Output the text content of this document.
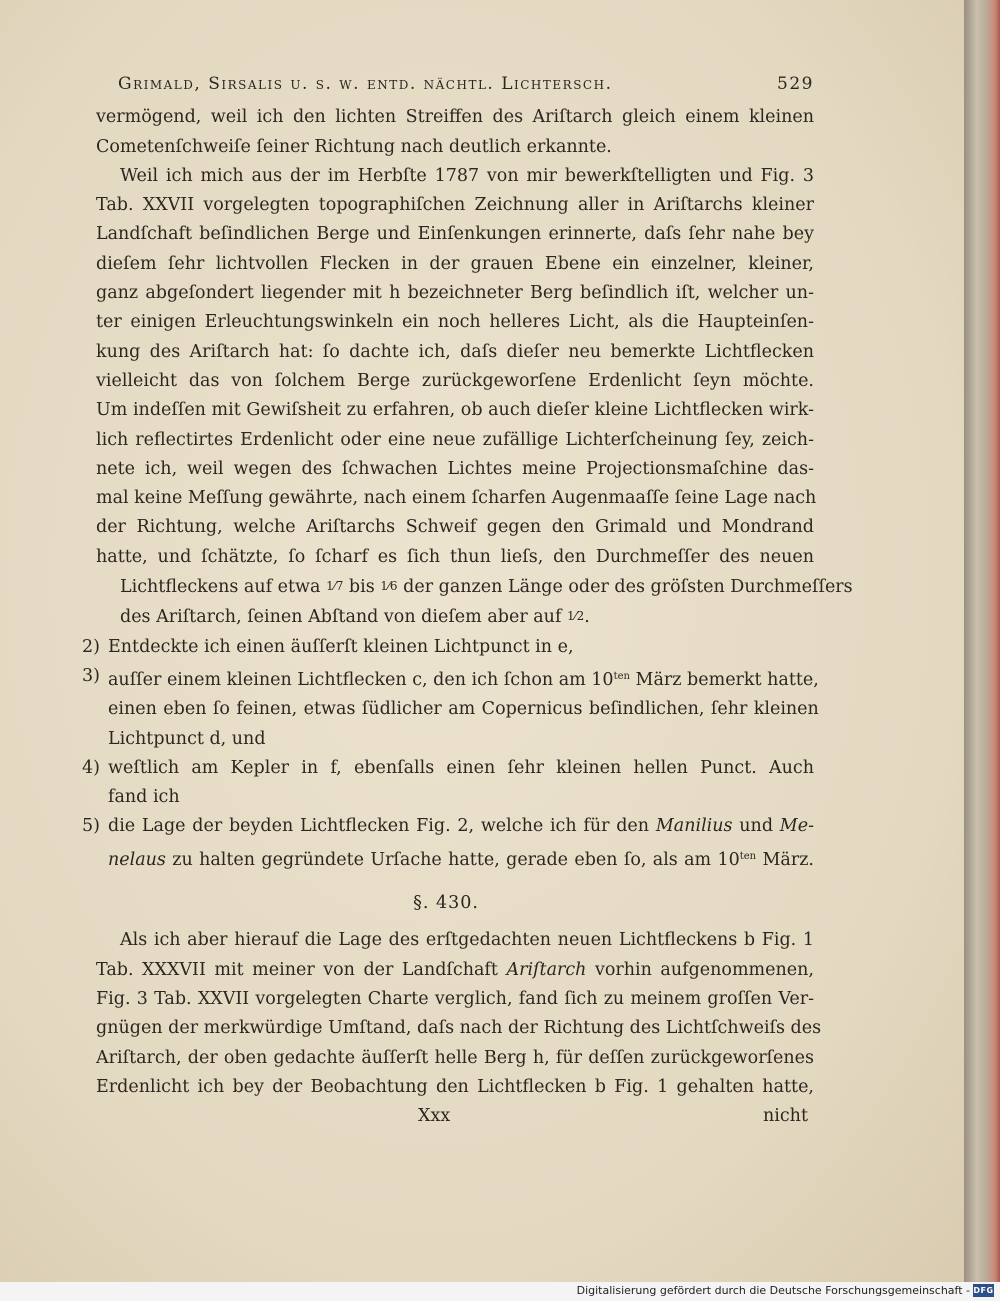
Grimald, Sirsalis u. s. w. entd. nächtl. Lichtersch.	529
vermögend, weil ich den lichten Streiffen des Ariſtarch gleich einem kleinen
Cometenſchweiſe ſeiner Richtung nach deutlich erkannte.
Weil ich mich aus der im Herbſte 1787 von mir bewerkſtelligten und Fig. 3
Tab. XXVII vorgelegten topographiſchen Zeichnung aller in Ariſtarchs kleiner
Landſchaft beſindlichen Berge und Einſenkungen erinnerte, daſs ſehr nahe bey
dieſem ſehr lichtvollen Flecken in der grauen Ebene ein einzelner, kleiner,
ganz abgeſondert liegender mit h bezeichneter Berg beſindlich iſt, welcher un-
ter einigen Erleuchtungswinkeln ein noch helleres Licht, als die Haupteinſen-
kung des Ariſtarch hat: ſo dachte ich, daſs dieſer neu bemerkte Lichtflecken
vielleicht das von ſolchem Berge zurückgeworſene Erdenlicht ſeyn möchte.
Um indeſſen mit Gewiſsheit zu erfahren, ob auch dieſer kleine Lichtflecken wirk-
lich reflectirtes Erdenlicht oder eine neue zufällige Lichterſcheinung ſey, zeich-
nete ich, weil wegen des ſchwachen Lichtes meine Projectionsmaſchine das-
mal keine Meſſung gewährte, nach einem ſcharfen Augenmaaſſe ſeine Lage nach
der Richtung, welche Ariſtarchs Schweif gegen den Grimald und Mondrand
hatte, und ſchätzte, ſo ſcharf es ſich thun lieſs, den Durchmeſſer des neuen
Lichtfleckens auf etwa 1⁄7 bis 1⁄6 der ganzen Länge oder des gröſsten Durchmeſſers
des Ariſtarch, ſeinen Abſtand von dieſem aber auf 1⁄2.
2) Entdeckte ich einen äuſſerſt kleinen Lichtpunct in e,
3) auſſer einem kleinen Lichtflecken c, den ich ſchon am $10^{ten}$ März bemerkt hatte,
einen eben ſo feinen, etwas ſüdlicher am Copernicus beſindlichen, ſehr kleinen
Lichtpunct d, und
4) weſtlich am Kepler in f, ebenſalls einen ſehr kleinen hellen Punct. Auch
fand ich
5) die Lage der beyden Lichtflecken Fig. 2, welche ich für den Manilius und Me-
nelaus zu halten gegründete Urſache hatte, gerade eben ſo, als am $10^{ten}$ März.
§. 430.
Als ich aber hierauf die Lage des erſtgedachten neuen Lichtfleckens b Fig. 1
Tab. XXXVII mit meiner von der Landſchaft Ariſtarch vorhin aufgenommenen,
Fig. 3 Tab. XXVII vorgelegten Charte verglich, fand ſich zu meinem groſſen Ver-
gnügen der merkwürdige Umſtand, daſs nach der Richtung des Lichtſchweiſs des
Ariſtarch, der oben gedachte äuſſerſt helle Berg h, für deſſen zurückgeworſenes
Erdenlicht ich bey der Beobachtung den Lichtflecken b Fig. 1 gehalten hatte,
Xxx	nicht
Digitalisierung gefördert durch die Deutsche Forschungsgemeinschaft - DFG
